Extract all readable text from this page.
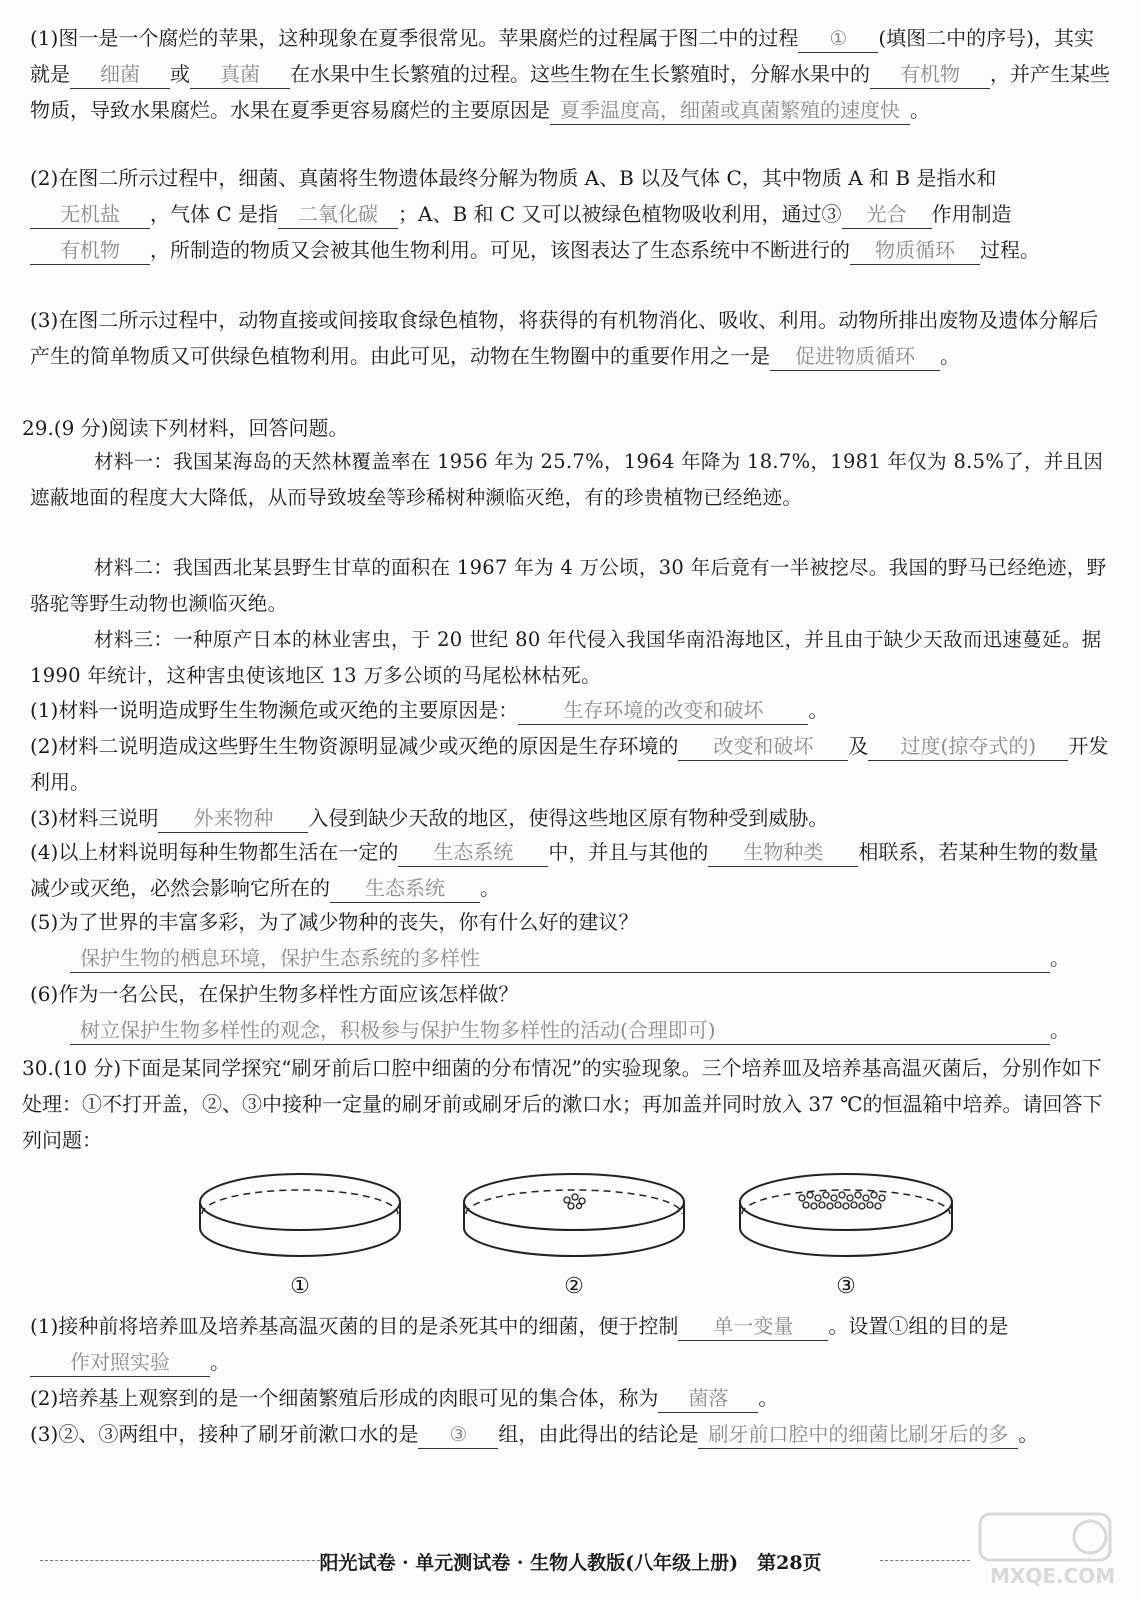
(1)图一是一个腐烂的苹果，这种现象在夏季很常见。苹果腐烂的过程属于图二中的过程 ① (填图二中的序号)，其实就是 细菌 或 真菌 在水果中生长繁殖的过程。这些生物在生长繁殖时，分解水果中的 有机物 ，并产生某些物质，导致水果腐烂。水果在夏季更容易腐烂的主要原因是 夏季温度高，细菌或真菌繁殖的速度快 。

(2)在图二所示过程中，细菌、真菌将生物遗体最终分解为物质 A、B 以及气体 C，其中物质 A 和 B 是指水和无机盐 ，气体 C 是指 二氧化碳 ；A、B 和 C 又可以被绿色植物吸收利用，通过③ 光合 作用制造有机物 ，所制造的物质又会被其他生物利用。可见，该图表达了生态系统中不断进行的 物质循环 过程。

(3)在图二所示过程中，动物直接或间接取食绿色植物，将获得的有机物消化、吸收、利用。动物所排出废物及遗体分解后产生的简单物质又可供绿色植物利用。由此可见，动物在生物圈中的重要作用之一是 促进物质循环 。

29.(9 分)阅读下列材料，回答问题。

材料一：我国某海岛的天然林覆盖率在 1956 年为 25.7%，1964 年降为 18.7%，1981 年仅为 8.5%了，并且因遮蔽地面的程度大大降低，从而导致坡垒等珍稀树种濒临灭绝，有的珍贵植物已经绝迹。

材料二：我国西北某县野生甘草的面积在 1967 年为 4 万公顷，30 年后竟有一半被挖尽。我国的野马已经绝迹，野骆驼等野生动物也濒临灭绝。

材料三：一种原产日本的林业害虫，于 20 世纪 80 年代侵入我国华南沿海地区，并且由于缺少天敌而迅速蔓延。据 1990 年统计，这种害虫使该地区 13 万多公顷的马尾松林枯死。

(1)材料一说明造成野生生物濒危或灭绝的主要原因是： 生存环境的改变和破坏 。

(2)材料二说明造成这些野生生物资源明显减少或灭绝的原因是生存环境的 改变和破坏 及 过度(掠夺式的) 开发利用。

(3)材料三说明 外来物种 入侵到缺少天敌的地区，使得这些地区原有物种受到威胁。

(4)以上材料说明每种生物都生活在一定的 生态系统 中，并且与其他的 生物种类 相联系，若某种生物的数量减少或灭绝，必然会影响它所在的 生态系统 。

(5)为了世界的丰富多彩，为了减少物种的丧失，你有什么好的建议？
保护生物的栖息环境，保护生态系统的多样性	。

(6)作为一名公民，在保护生物多样性方面应该怎样做？
树立保护生物多样性的观念，积极参与保护生物多样性的活动(合理即可)	。

30.(10 分)下面是某同学探究“刷牙前后口腔中细菌的分布情况”的实验现象。三个培养皿及培养基高温灭菌后，分别作如下处理：①不打开盖，②、③中接种一定量的刷牙前或刷牙后的漱口水；再加盖并同时放入 37 ℃的恒温箱中培养。请回答下列问题：

①	②	③

(1)接种前将培养皿及培养基高温灭菌的目的是杀死其中的细菌，便于控制 单一变量 。设置①组的目的是作对照实验 。

(2)培养基上观察到的是一个细菌繁殖后形成的肉眼可见的集合体，称为 菌落 。

(3)②、③两组中，接种了刷牙前漱口水的是 ③ 组，由此得出的结论是 刷牙前口腔中的细菌比刷牙后的多 。

阳光试卷 · 单元测试卷 · 生物人教版(八年级上册)　第28页
MXQE.COM
